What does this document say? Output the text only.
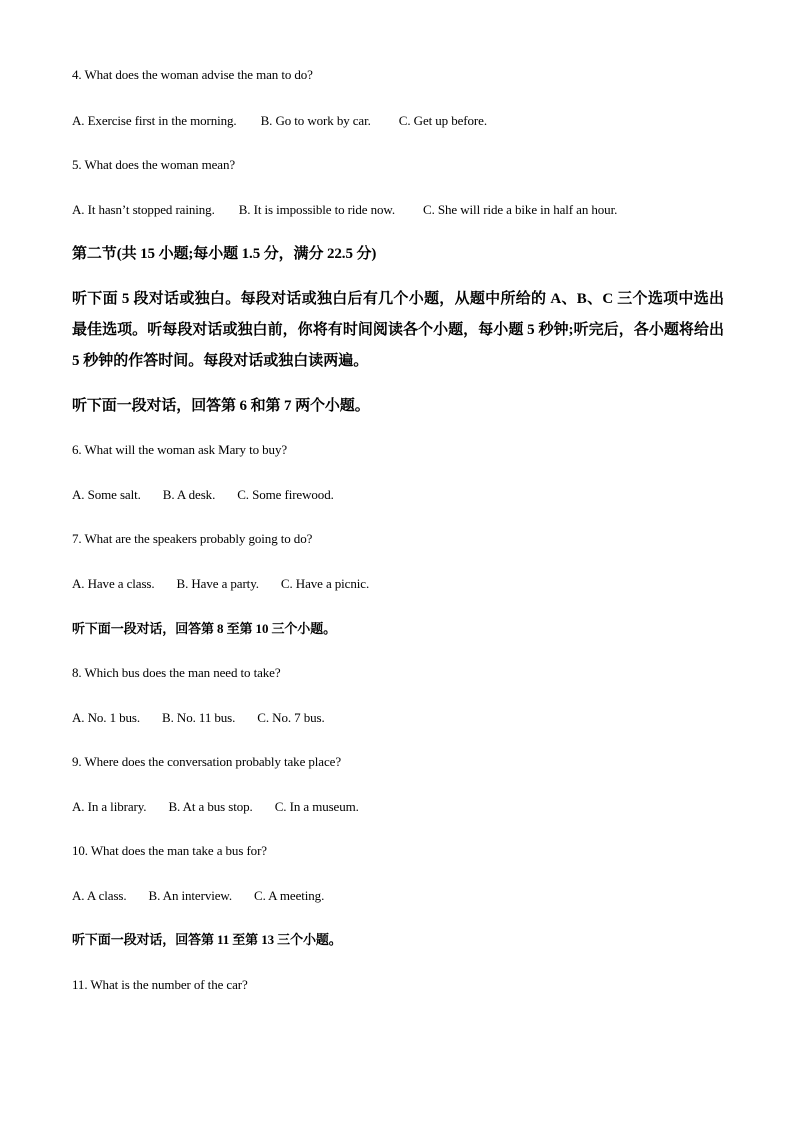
4. What does the woman advise the man to do?
A. Exercise first in the morning. B. Go to work by car. C. Get up before.
5. What does the woman mean?
A. It hasn’t stopped raining. B. It is impossible to ride now. C. She will ride a bike in half an hour.
第二节(共 15 小题;每小题 1.5 分，满分 22.5 分)
听下面 5 段对话或独白。每段对话或独白后有几个小题，从题中所给的 A、B、C 三个选项中选出最佳选项。听每段对话或独白前，你将有时间阅读各个小题，每小题 5 秒钟;听完后，各小题将给出 5 秒钟的作答时间。每段对话或独白读两遍。
听下面一段对话，回答第 6 和第 7 两个小题。
6. What will the woman ask Mary to buy?
A. Some salt. B. A desk. C. Some firewood.
7. What are the speakers probably going to do?
A. Have a class. B. Have a party. C. Have a picnic.
听下面一段对话，回答第 8 至第 10 三个小题。
8. Which bus does the man need to take?
A. No. 1 bus. B. No. 11 bus. C. No. 7 bus.
9. Where does the conversation probably take place?
A. In a library. B. At a bus stop. C. In a museum.
10. What does the man take a bus for?
A. A class. B. An interview. C. A meeting.
听下面一段对话，回答第 11 至第 13 三个小题。
11. What is the number of the car?
